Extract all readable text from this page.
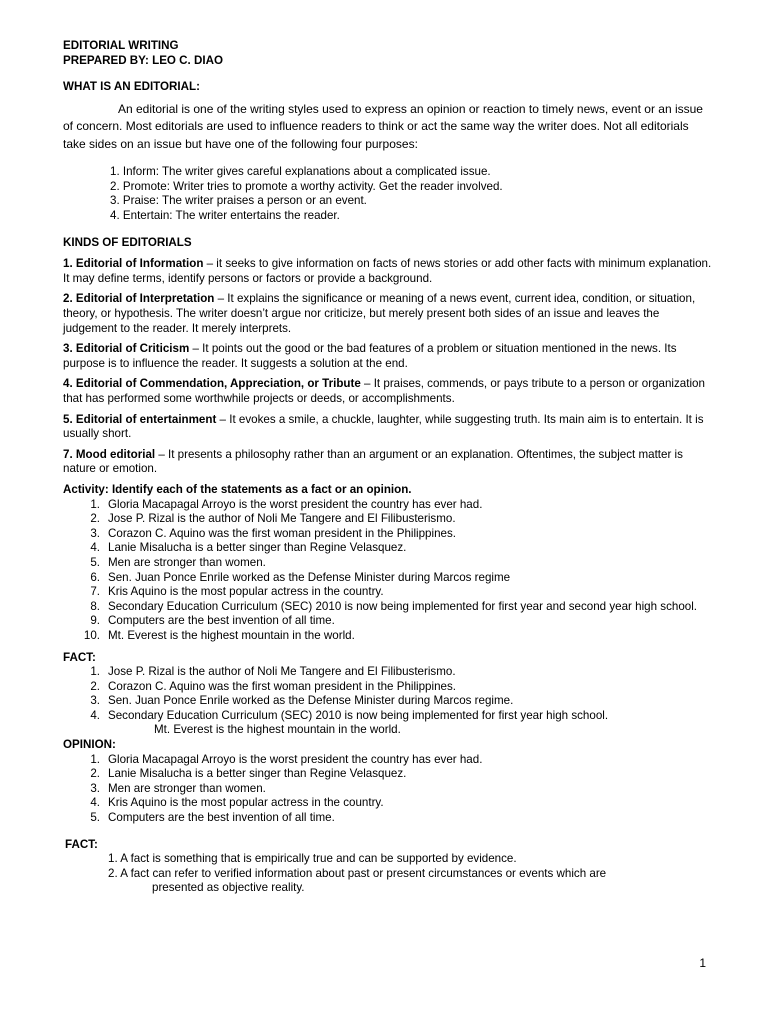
EDITORIAL WRITING

PREPARED BY: LEO C. DIAO

WHAT IS AN EDITORIAL:

An editorial is one of the writing styles used to express an opinion or reaction to timely news, event or an issue of concern. Most editorials are used to influence readers to think or act the same way the writer does. Not all editorials take sides on an issue but have one of the following four purposes:

1. Inform: The writer gives careful explanations about a complicated issue.
2. Promote: Writer tries to promote a worthy activity. Get the reader involved.
3. Praise: The writer praises a person or an event.
4. Entertain: The writer entertains the reader.

KINDS OF EDITORIALS

1. Editorial of Information – it seeks to give information on facts of news stories or add other facts with minimum explanation. It may define terms, identify persons or factors or provide a background.

2. Editorial of Interpretation – It explains the significance or meaning of a news event, current idea, condition, or situation, theory, or hypothesis. The writer doesn’t argue nor criticize, but merely present both sides of an issue and leaves the judgement to the reader. It merely interprets.

3. Editorial of Criticism – It points out the good or the bad features of a problem or situation mentioned in the news. Its purpose is to influence the reader. It suggests a solution at the end.

4. Editorial of Commendation, Appreciation, or Tribute – It praises, commends, or pays tribute to a person or organization that has performed some worthwhile projects or deeds, or accomplishments.

5. Editorial of entertainment – It evokes a smile, a chuckle, laughter, while suggesting truth. Its main aim is to entertain. It is usually short.

7. Mood editorial – It presents a philosophy rather than an argument or an explanation. Oftentimes, the subject matter is nature or emotion.

Activity: Identify each of the statements as a fact or an opinion.

1. Gloria Macapagal Arroyo is the worst president the country has ever had.
2. Jose P. Rizal is the author of Noli Me Tangere and El Filibusterismo.
3. Corazon C. Aquino was the first woman president in the Philippines.
4. Lanie Misalucha is a better singer than Regine Velasquez.
5. Men are stronger than women.
6. Sen. Juan Ponce Enrile worked as the Defense Minister during Marcos regime
7. Kris Aquino is the most popular actress in the country.
8. Secondary Education Curriculum (SEC) 2010 is now being implemented for first year and second year high school.
9. Computers are the best invention of all time.
10. Mt. Everest is the highest mountain in the world.

FACT:

1. Jose P. Rizal is the author of Noli Me Tangere and El Filibusterismo.
2. Corazon C. Aquino was the first woman president in the Philippines.
3. Sen. Juan Ponce Enrile worked as the Defense Minister during Marcos regime.
4. Secondary Education Curriculum (SEC) 2010 is now being implemented for first year high school.

Mt. Everest is the highest mountain in the world.

OPINION:

1. Gloria Macapagal Arroyo is the worst president the country has ever had.
2. Lanie Misalucha is a better singer than Regine Velasquez.
3. Men are stronger than women.
4. Kris Aquino is the most popular actress in the country.
5. Computers are the best invention of all time.

FACT:

1. A fact is something that is empirically true and can be supported by evidence.

2. A fact can refer to verified information about past or present circumstances or events which are

presented as objective reality.

1
